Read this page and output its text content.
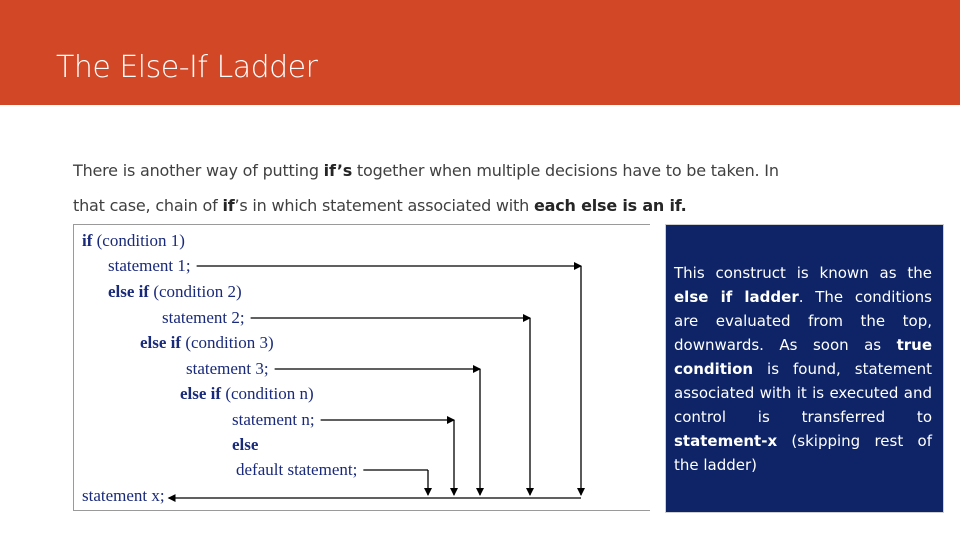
The Else-If Ladder
There is another way of putting if’s together when multiple decisions have to be taken. In
that case, chain of if’s in which statement associated with each else is an if.
if (condition 1)
statement 1;
else if (condition 2)
statement 2;
else if (condition 3)
statement 3;
else if (condition n)
statement n;
else
default statement;
statement x;
This construct is known as the else if ladder. The conditions are evaluated from the top, downwards. As soon as true condition is found, statement associated with it is executed and control is transferred to statement-x (skipping rest of the ladder)
